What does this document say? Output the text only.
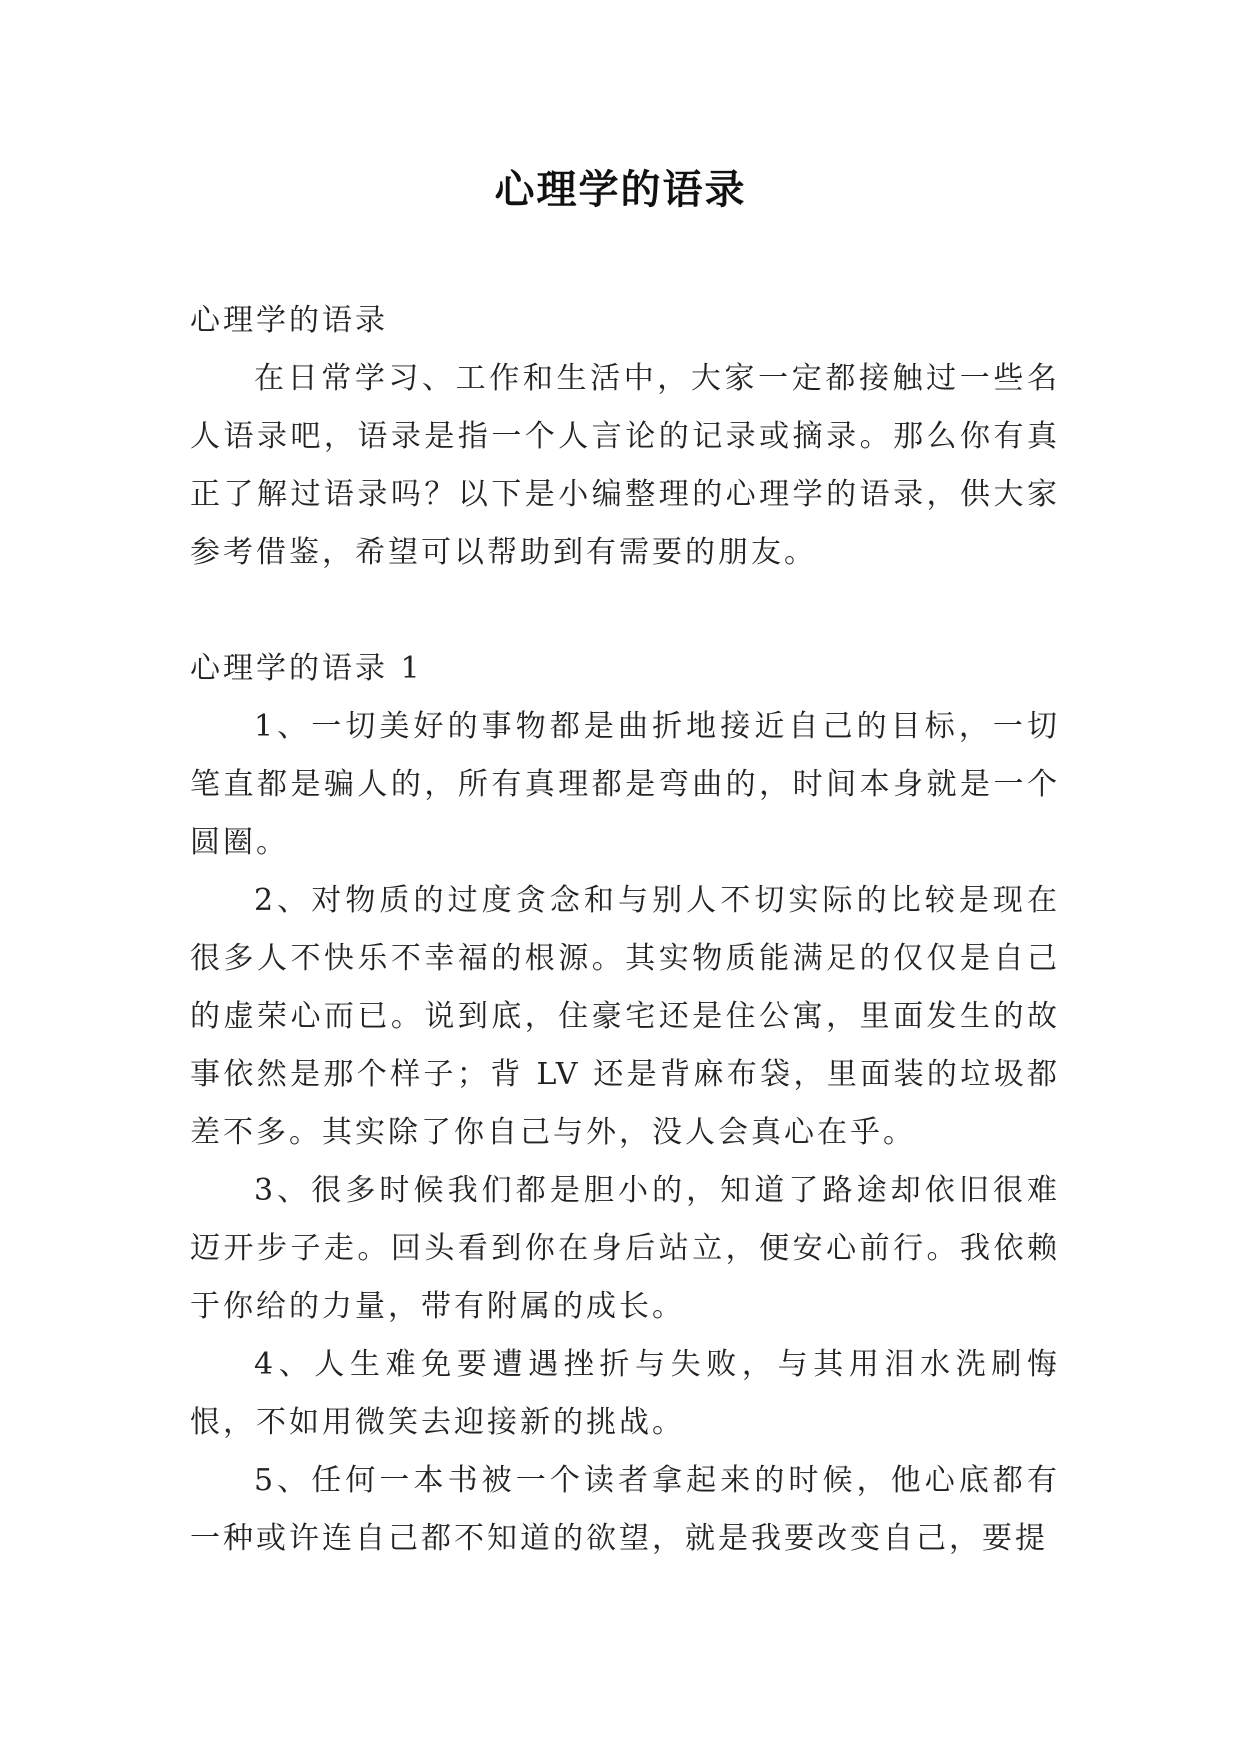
心理学的语录

心理学的语录

在日常学习、工作和生活中，大家一定都接触过一些名人语录吧，语录是指一个人言论的记录或摘录。那么你有真正了解过语录吗？以下是小编整理的心理学的语录，供大家参考借鉴，希望可以帮助到有需要的朋友。

心理学的语录 1

1、一切美好的事物都是曲折地接近自己的目标，一切笔直都是骗人的，所有真理都是弯曲的，时间本身就是一个圆圈。

2、对物质的过度贪念和与别人不切实际的比较是现在很多人不快乐不幸福的根源。其实物质能满足的仅仅是自己的虚荣心而已。说到底，住豪宅还是住公寓，里面发生的故事依然是那个样子；背 LV 还是背麻布袋，里面装的垃圾都差不多。其实除了你自己与外，没人会真心在乎。

3、很多时候我们都是胆小的，知道了路途却依旧很难迈开步子走。回头看到你在身后站立，便安心前行。我依赖于你给的力量，带有附属的成长。

4、人生难免要遭遇挫折与失败，与其用泪水洗刷悔恨，不如用微笑去迎接新的挑战。

5、任何一本书被一个读者拿起来的时候，他心底都有一种或许连自己都不知道的欲望，就是我要改变自己，要提
